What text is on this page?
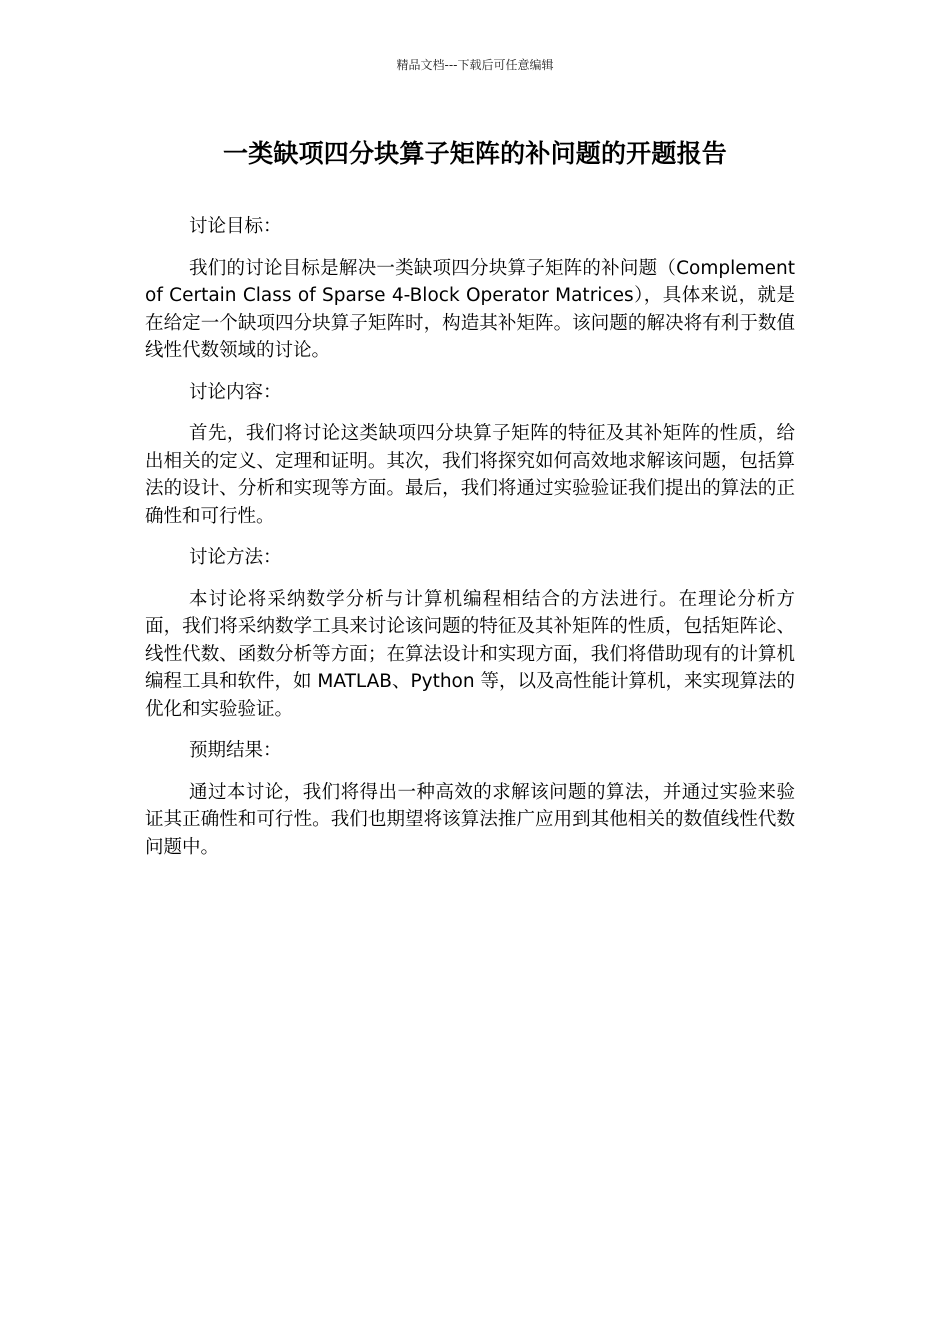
精品文档---下载后可任意编辑
一类缺项四分块算子矩阵的补问题的开题报告
讨论目标：
我们的讨论目标是解决一类缺项四分块算子矩阵的补问题（Complement of Certain Class of Sparse 4-Block Operator Matrices），具体来说，就是在给定一个缺项四分块算子矩阵时，构造其补矩阵。该问题的解决将有利于数值线性代数领域的讨论。
讨论内容：
首先，我们将讨论这类缺项四分块算子矩阵的特征及其补矩阵的性质，给出相关的定义、定理和证明。其次，我们将探究如何高效地求解该问题，包括算法的设计、分析和实现等方面。最后，我们将通过实验验证我们提出的算法的正确性和可行性。
讨论方法：
本讨论将采纳数学分析与计算机编程相结合的方法进行。在理论分析方面，我们将采纳数学工具来讨论该问题的特征及其补矩阵的性质，包括矩阵论、线性代数、函数分析等方面；在算法设计和实现方面，我们将借助现有的计算机编程工具和软件，如 MATLAB、Python 等，以及高性能计算机，来实现算法的优化和实验验证。
预期结果：
通过本讨论，我们将得出一种高效的求解该问题的算法，并通过实验来验证其正确性和可行性。我们也期望将该算法推广应用到其他相关的数值线性代数问题中。
